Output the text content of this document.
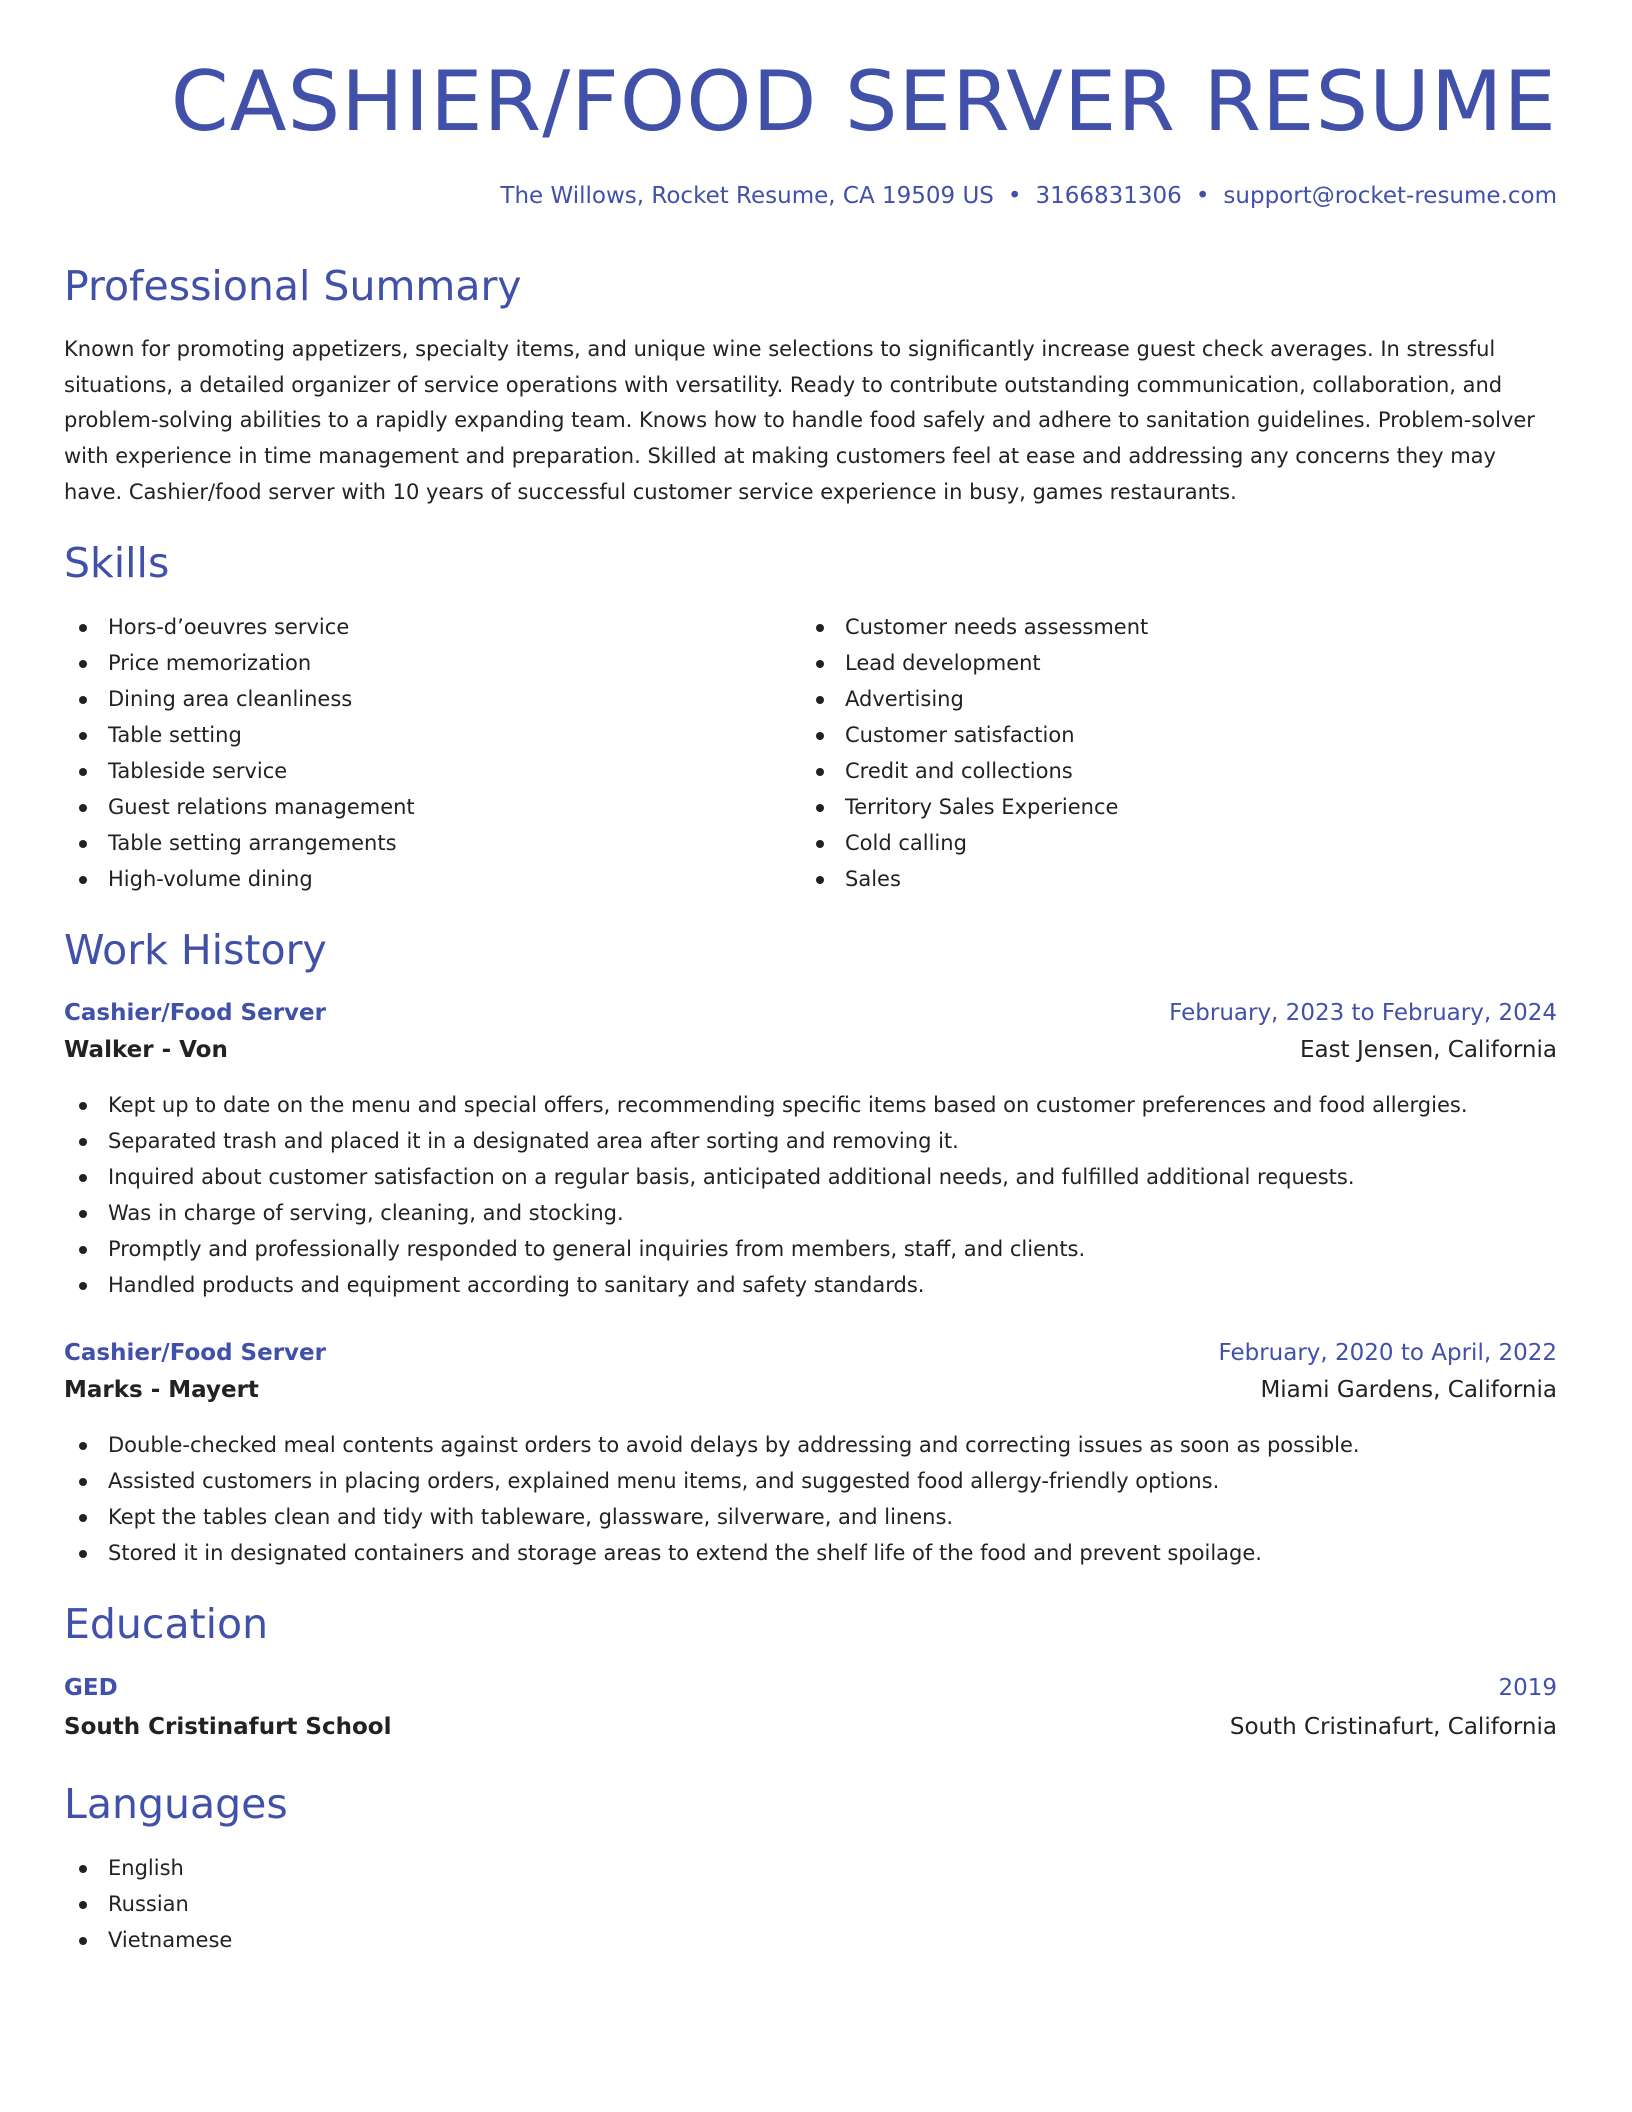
CASHIER/FOOD SERVER RESUME
The Willows, Rocket Resume, CA 19509 US • 3166831306 • support@rocket-resume.com
Professional Summary

Known for promoting appetizers, specialty items, and unique wine selections to significantly increase guest check averages. In stressful situations, a detailed organizer of service operations with versatility. Ready to contribute outstanding communication, collaboration, and problem-solving abilities to a rapidly expanding team. Knows how to handle food safely and adhere to sanitation guidelines. Problem-solver with experience in time management and preparation. Skilled at making customers feel at ease and addressing any concerns they may have. Cashier/food server with 10 years of successful customer service experience in busy, games restaurants.

Skills
Hors-d’oeuvres service
Price memorization
Dining area cleanliness
Table setting
Tableside service
Guest relations management
Table setting arrangements
High-volume dining
Customer needs assessment
Lead development
Advertising
Customer satisfaction
Credit and collections
Territory Sales Experience
Cold calling
Sales
Work History
Cashier/Food Server	February, 2023 to February, 2024
Walker - Von	East Jensen, California
Kept up to date on the menu and special offers, recommending specific items based on customer preferences and food allergies.
Separated trash and placed it in a designated area after sorting and removing it.
Inquired about customer satisfaction on a regular basis, anticipated additional needs, and fulfilled additional requests.
Was in charge of serving, cleaning, and stocking.
Promptly and professionally responded to general inquiries from members, staff, and clients.
Handled products and equipment according to sanitary and safety standards.
Cashier/Food Server	February, 2020 to April, 2022
Marks - Mayert	Miami Gardens, California
Double-checked meal contents against orders to avoid delays by addressing and correcting issues as soon as possible.
Assisted customers in placing orders, explained menu items, and suggested food allergy-friendly options.
Kept the tables clean and tidy with tableware, glassware, silverware, and linens.
Stored it in designated containers and storage areas to extend the shelf life of the food and prevent spoilage.
Education
GED	2019
South Cristinafurt School	South Cristinafurt, California
Languages
English
Russian
Vietnamese
